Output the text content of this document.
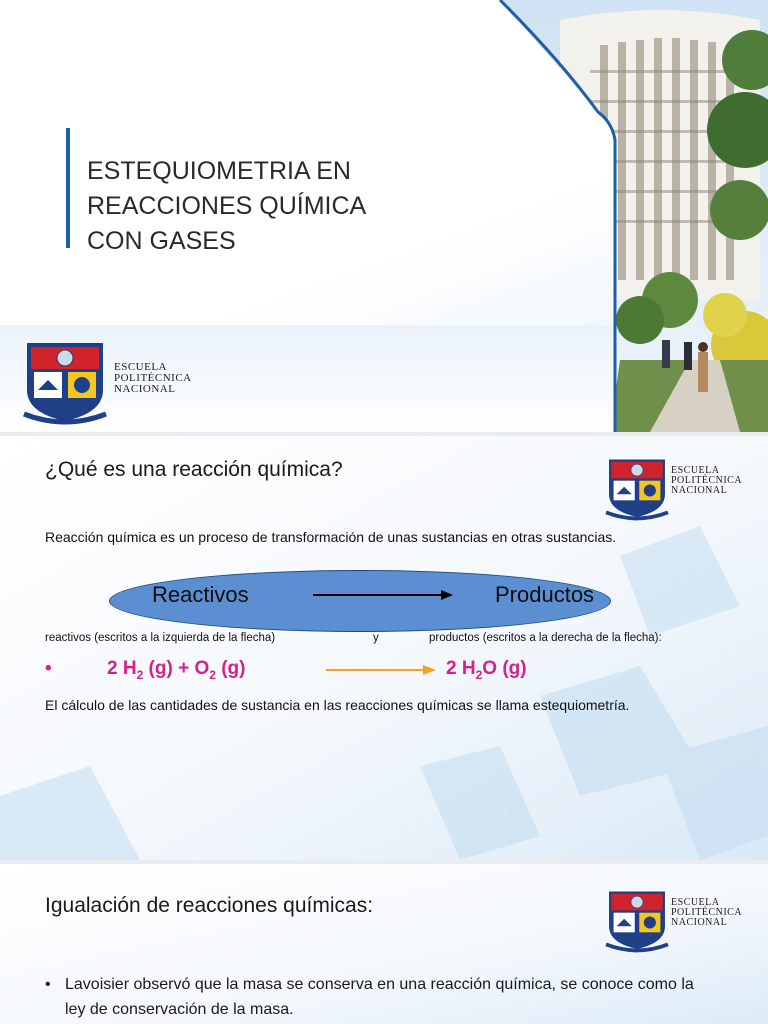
ESTEQUIOMETRIA EN
REACCIONES QUÍMICA
CON GASES
ESCUELA
POLITÉCNICA
NACIONAL
¿Qué es una reacción química?	ESCUELA
POLITÉCNICA
NACIONAL
Reacción química es un proceso de transformación de unas sustancias en otras sustancias.
Reactivos	Productos
reactivos (escritos a la izquierda de la flecha)	y	productos (escritos a la derecha de la flecha):
•	2 $H_2$ $(g) + O_2$ (g)	2 $H_2O$ (g)
El cálculo de las cantidades de sustancia en las reacciones químicas se llama estequiometría.
Igualación de reacciones químicas:	ESCUELA
POLITÉCNICA
NACIONAL
• Lavoisier observó que la masa se conserva en una reacción química, se conoce como la ley de conservación de la masa.
